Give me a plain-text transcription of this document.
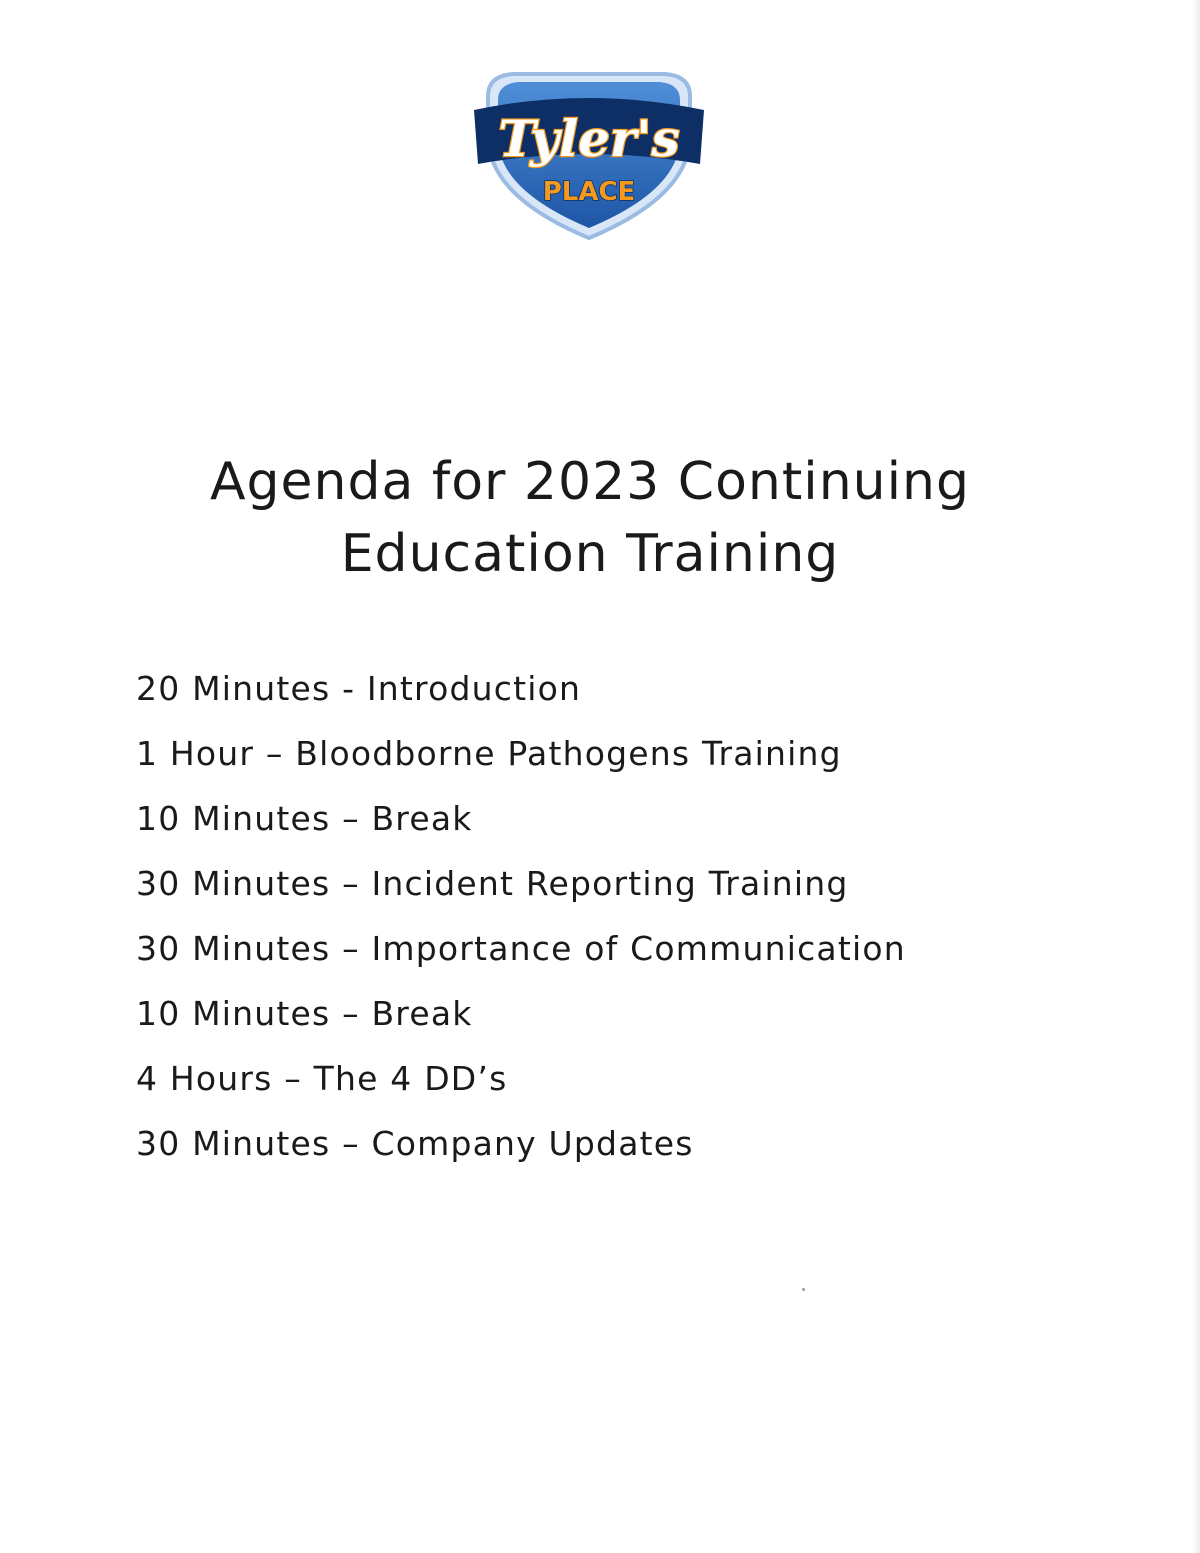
Tyler's
PLACE
Agenda for 2023 Continuing
Education Training
20 Minutes - Introduction
1 Hour – Bloodborne Pathogens Training
10 Minutes – Break
30 Minutes – Incident Reporting Training
30 Minutes – Importance of Communication
10 Minutes – Break
4 Hours – The 4 DD’s
30 Minutes – Company Updates
